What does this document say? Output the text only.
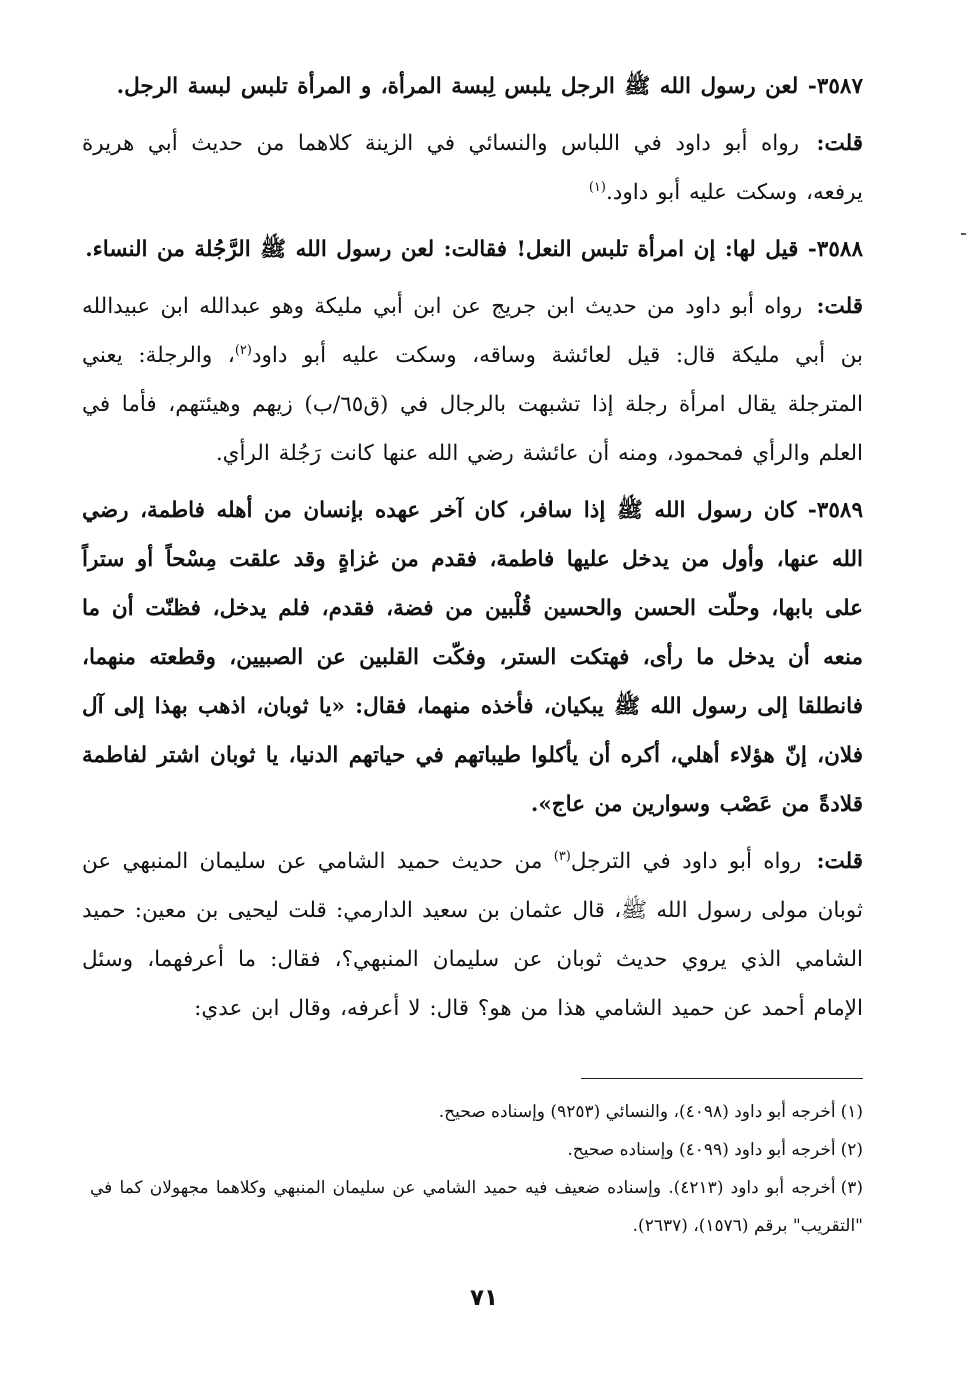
٣٥٨٧- لعن رسول الله ﷺ الرجل يلبس لِبسة المرأة، و المرأة تلبس لبسة الرجل.

قلت: رواه أبو داود في اللباس والنسائي في الزينة كلاهما من حديث أبي هريرة يرفعه، وسكت عليه أبو داود.$^{(١)}$

٣٥٨٨- قيل لها: إن امرأة تلبس النعل! فقالت: لعن رسول الله ﷺ الرَّجُلة من النساء.

قلت: رواه أبو داود من حديث ابن جريج عن ابن أبي مليكة وهو عبدالله ابن عبيدالله بن أبي مليكة قال: قيل لعائشة وساقه، وسكت عليه أبو داود$^{(٢)}$، والرجلة: يعني المترجلة يقال امرأة رجلة إذا تشبهت بالرجال في (ق٦٥/ب) زيهم وهيئتهم، فأما في العلم والرأي فمحمود، ومنه أن عائشة رضي الله عنها كانت رَجُلة الرأي.

٣٥٨٩- كان رسول الله ﷺ إذا سافر، كان آخر عهده بإنسان من أهله فاطمة، رضي الله عنها، وأول من يدخل عليها فاطمة، فقدم من غزاةٍ وقد علقت مِسْحاً أو ستراً على بابها، وحلّت الحسن والحسين قُلْبين من فضة، فقدم، فلم يدخل، فظنّت أن ما منعه أن يدخل ما رأى، فهتكت الستر، وفكّت القلبين عن الصبيين، وقطعته منهما، فانطلقا إلى رسول الله ﷺ يبكيان، فأخذه منهما، فقال: «يا ثوبان، اذهب بهذا إلى آل فلان، إنّ هؤلاء أهلي، أكره أن يأكلوا طيباتهم في حياتهم الدنيا، يا ثوبان اشتر لفاطمة قلادةً من عَصْب وسوارين من عاج».

قلت: رواه أبو داود في الترجل$^{(٣)}$ من حديث حميد الشامي عن سليمان المنبهي عن ثوبان مولى رسول الله ﷺ، قال عثمان بن سعيد الدارمي: قلت ليحيى بن معين: حميد الشامي الذي يروي حديث ثوبان عن سليمان المنبهي؟، فقال: ما أعرفهما، وسئل الإمام أحمد عن حميد الشامي هذا من هو؟ قال: لا أعرفه، وقال ابن عدي:

(١)أخرجه أبو داود (٤٠٩٨)، والنسائي (٩٢٥٣) وإسناده صحيح.

(٢)أخرجه أبو داود (٤٠٩٩) وإسناده صحيح.

(٣)أخرجه أبو داود (٤٢١٣). وإسناده ضعيف فيه حميد الشامي عن سليمان المنبهي وكلاهما مجهولان كما في "التقريب" برقم (١٥٧٦)، (٢٦٣٧).

٧١
